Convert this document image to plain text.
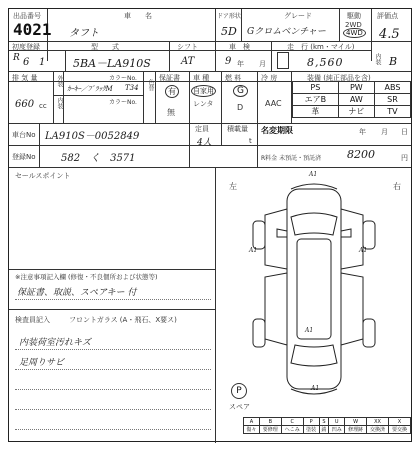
出品番号
4021
車　　名
タフト
ドア形状
5D
グレード
Gクロムベンチャー
駆動
2WD
4WD
評価点
4.5
初度登録	型　　式	シフト	車　検	走　行 (km・マイル)
R 6 1	5BA－LA910S	AT	9 年 月	8,560	内装 B
排 気 量
660 cc
外装
内装
ｶｰｷｰ／ﾌﾞﾗｯｸM
カラーNo.
T34
カラーNo.
色替
保証書
有
無
車 種
自家用
レンタ
燃 料
G
D
冷 房
AAC
装備 (純正部品を含)
PS	PW	ABS
エアB	AW	SR
革	ナビ	TV
車台No LA910S－0052849
定員
4人
積載量
t
名変期限	年 月 日
登録No	582　く　3571	R料金 未預託・預託済 8200	円
セールスポイント
※注意事項記入欄 (修復・不良個所および状態等)
保証書、取説、スペアキー 付
検査員記入	フロントガラス (A・飛石、X要ス)
内装荷室汚れキズ
足周りサビ
左	右
A1
A1	A1
A1
A1
P
スペア
A	B	C	P	S	U	W	XX	X
傷々	要修理	へこみ	塗装	錆	凹み	修理跡	交換済	要交換
